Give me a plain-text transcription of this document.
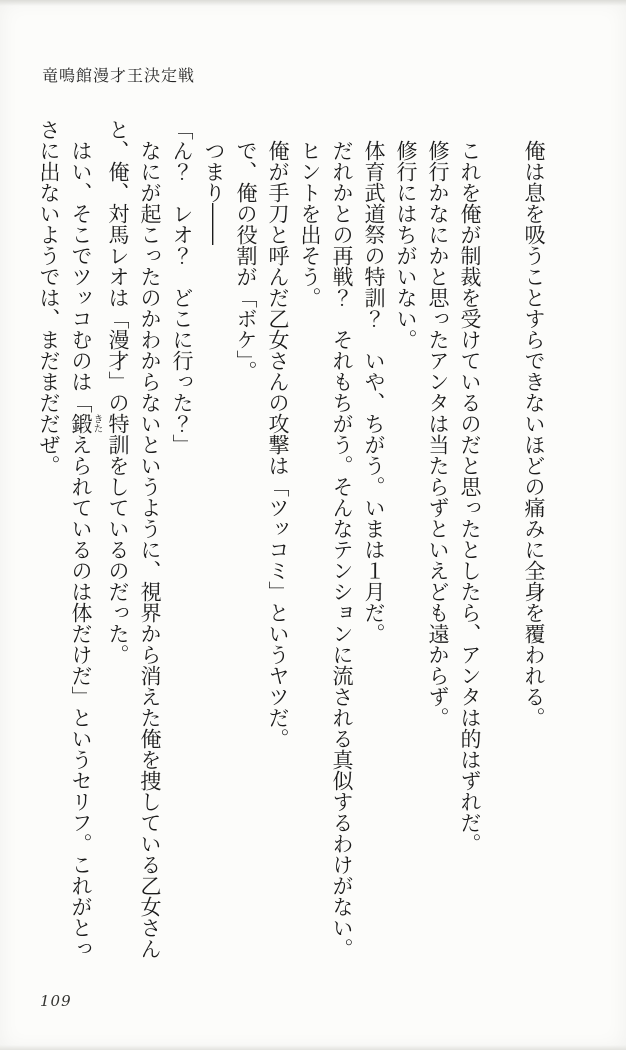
竜鳴館漫才王決定戦

俺は息を吸うことすらできないほどの痛みに全身を覆われる。

これを俺が制裁を受けているのだと思ったとしたら、アンタは的はずれだ。

修行かなにかと思ったアンタは当たらずといえども遠からず。

修行にはちがいない。

体育武道祭の特訓？　いや、ちがう。いまは１月だ。

だれかとの再戦？　それもちがう。そんなテンションに流される真似するわけがない。

ヒントを出そう。

俺が手刀と呼んだ乙女さんの攻撃は「ツッコミ」というヤツだ。

で、俺の役割が「ボケ」。

つまり――

「ん？　レオ？　どこに行った？」

なにが起こったのかわからないというように、視界から消えた俺を捜している乙女さんと、俺、対馬レオは「漫才」の特訓をしているのだった。

はい、そこでツッコむのは「鍛きたえられているのは体だけだ」というセリフ。これがとっさに出ないようでは、まだまだだぜ。

109
